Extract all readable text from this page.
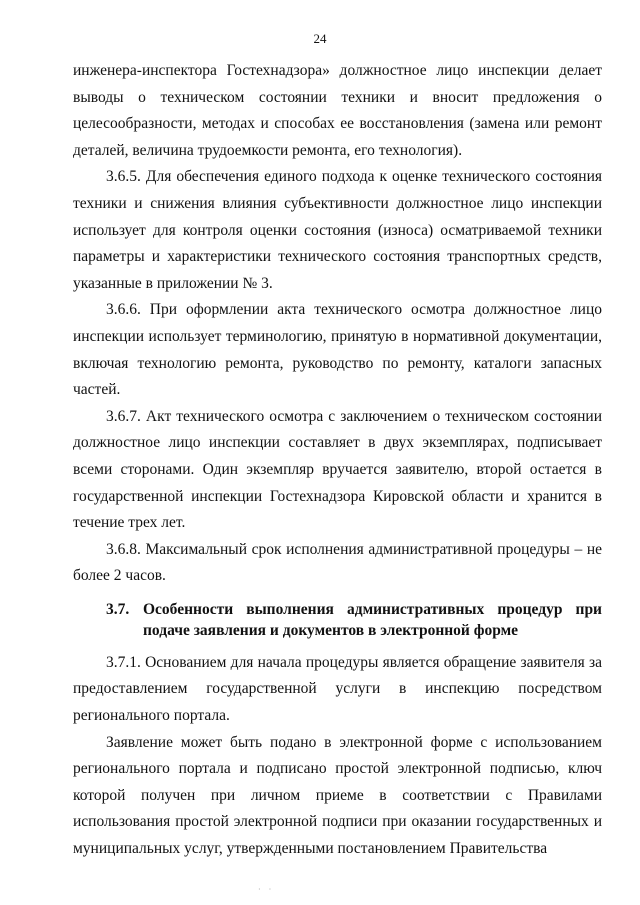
24

инженера-инспектора Гостехнадзора» должностное лицо инспекции делает выводы о техническом состоянии техники и вносит предложения о целесообразности, методах и способах ее восстановления (замена или ремонт деталей, величина трудоемкости ремонта, его технология).

3.6.5. Для обеспечения единого подхода к оценке технического состояния техники и снижения влияния субъективности должностное лицо инспекции использует для контроля оценки состояния (износа) осматриваемой техники параметры и характеристики технического состояния транспортных средств, указанные в приложении № 3.

3.6.6. При оформлении акта технического осмотра должностное лицо инспекции использует терминологию, принятую в нормативной документации, включая технологию ремонта, руководство по ремонту, каталоги запасных частей.

3.6.7. Акт технического осмотра с заключением о техническом состоянии должностное лицо инспекции составляет в двух экземплярах, подписывает всеми сторонами. Один экземпляр вручается заявителю, второй остается в государственной инспекции Гостехнадзора Кировской области и хранится в течение трех лет.

3.6.8. Максимальный срок исполнения административной процедуры – не более 2 часов.

3.7. Особенности выполнения административных процедур при подаче заявления и документов в электронной форме

3.7.1. Основанием для начала процедуры является обращение заявителя за предоставлением государственной услуги в инспекцию посредством регионального портала.

Заявление может быть подано в электронной форме с использованием регионального портала и подписано простой электронной подписью, ключ которой получен при личном приеме в соответствии с Правилами использования простой электронной подписи при оказании государственных и муниципальных услуг, утвержденными постановлением Правительства

· ·
